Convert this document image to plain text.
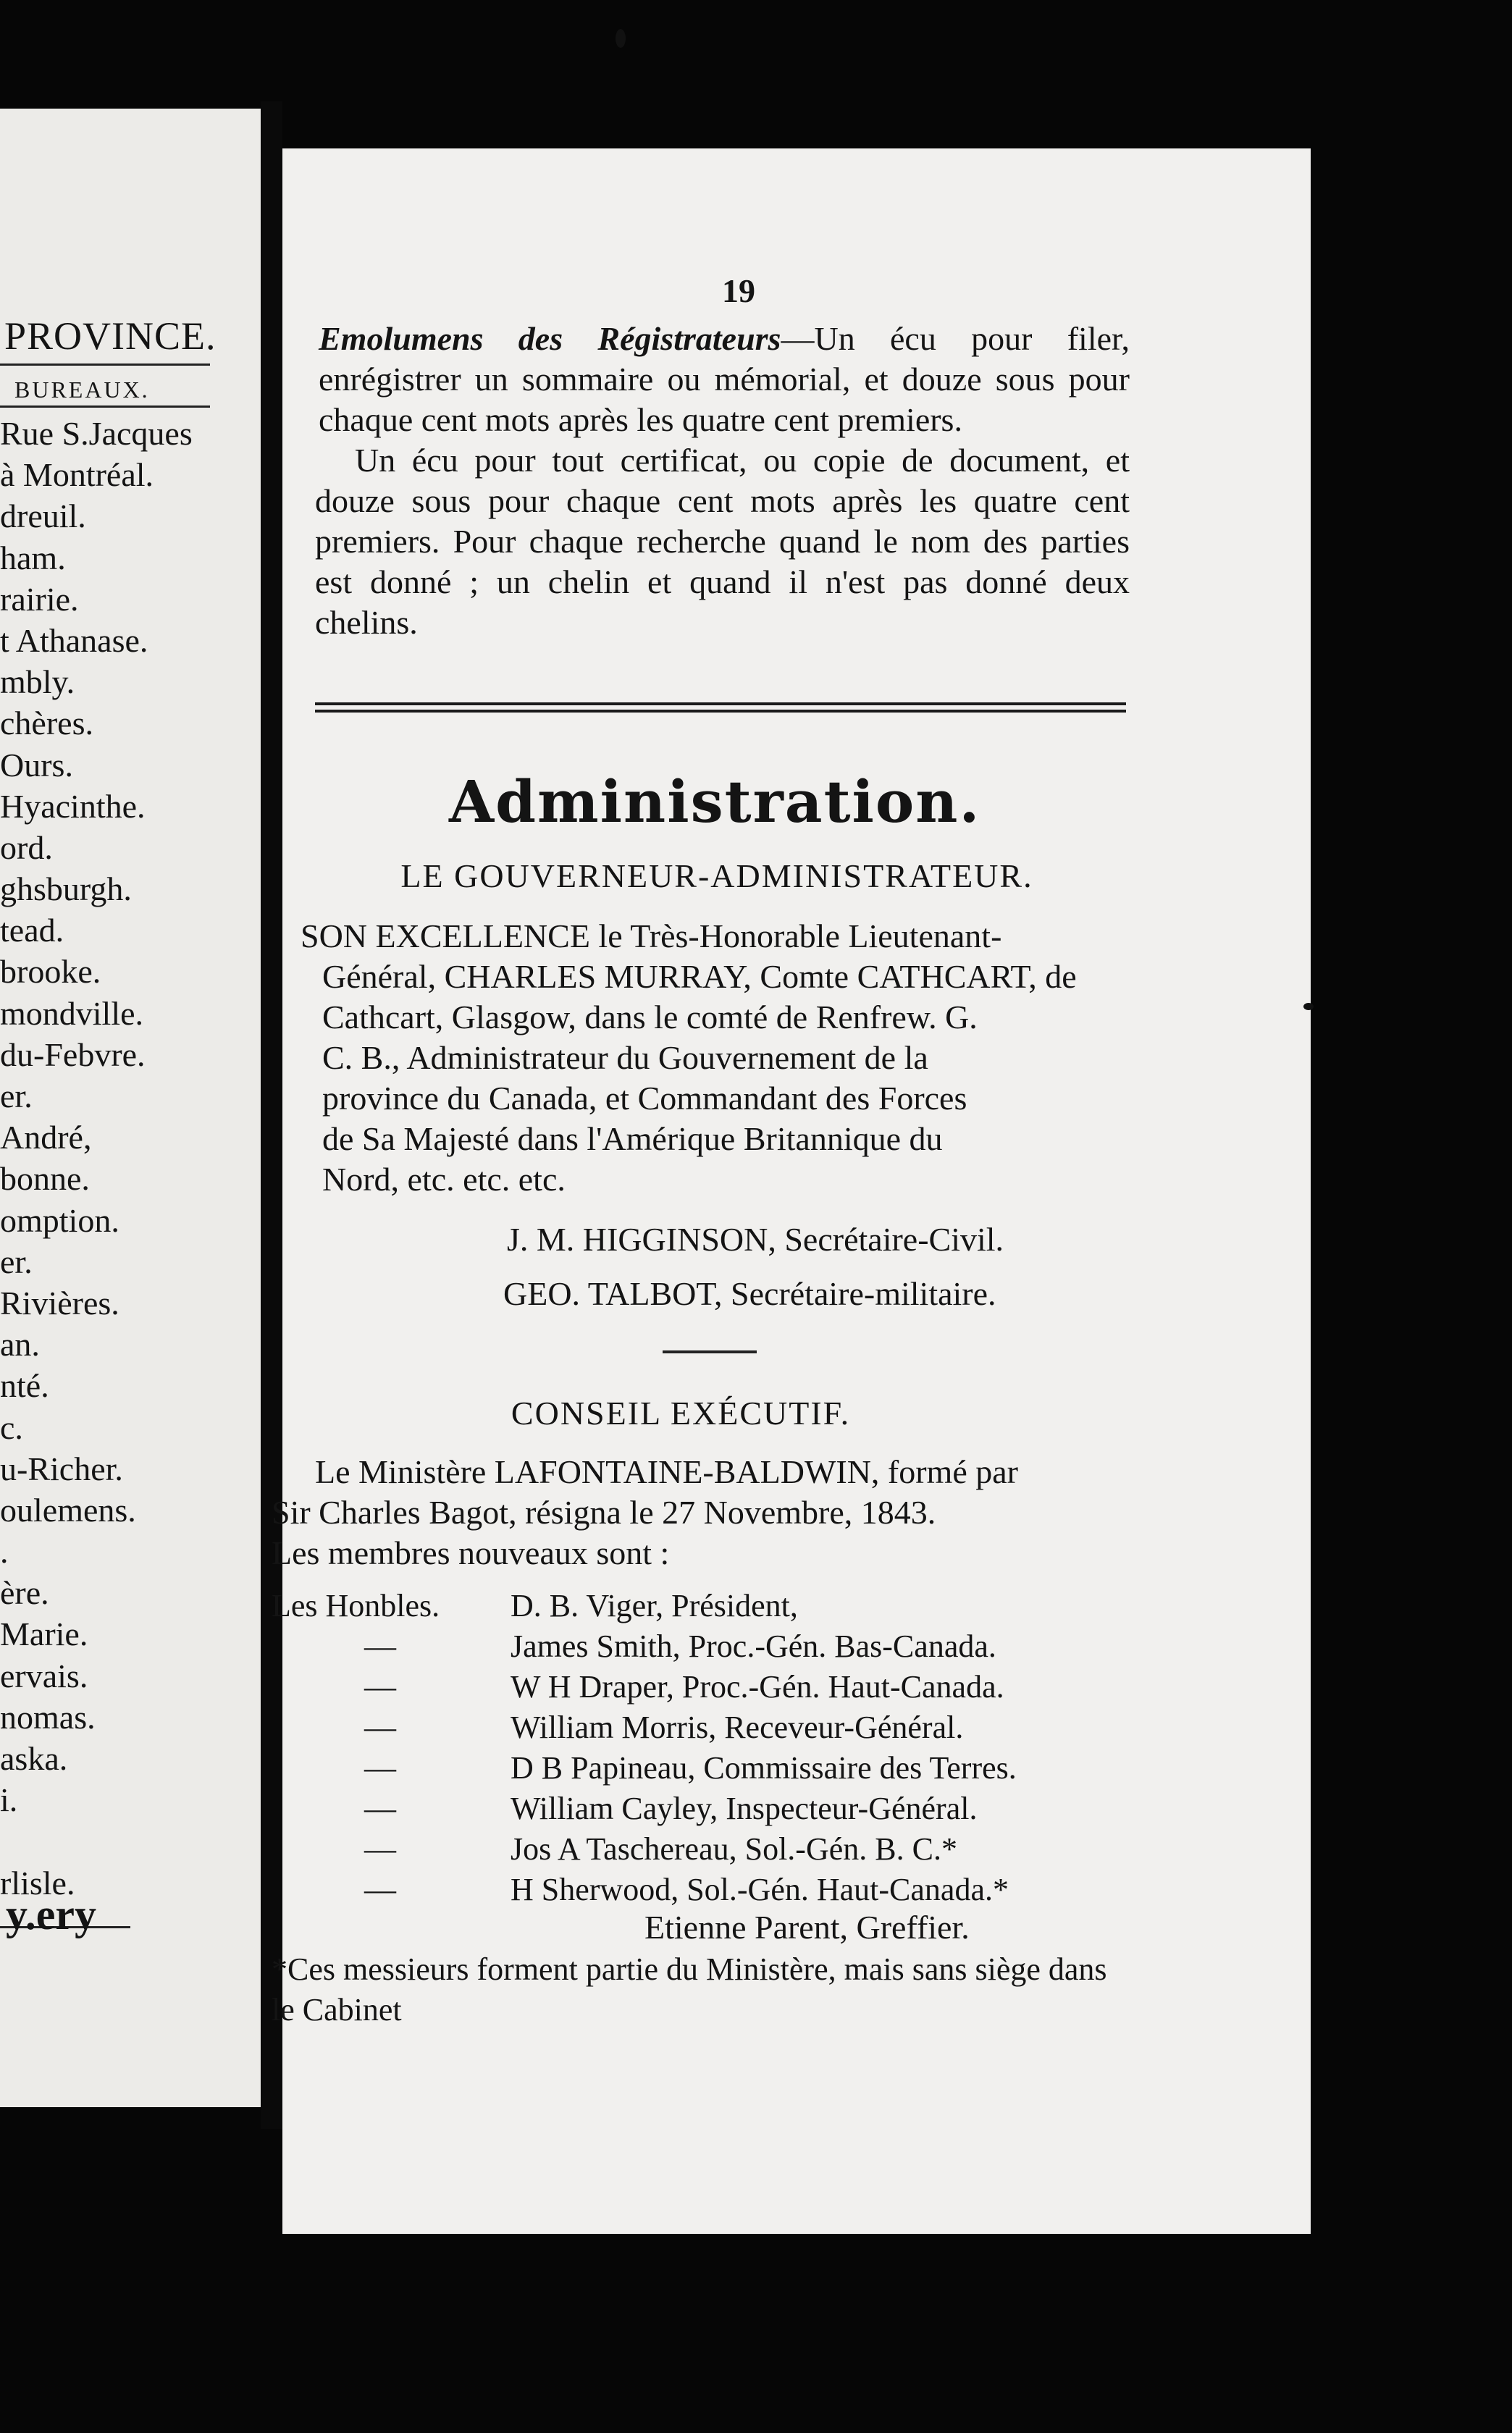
PROVINCE.
BUREAUX.
Rue S.Jacques
à Montréal.
dreuil.
ham.
rairie.
t Athanase.
mbly.
chères.
Ours.
Hyacinthe.
ord.
ghsburgh.
tead.
brooke.
mondville.
du-Febvre.
er.
André,
bonne.
omption.
er.
Rivières.
an.
nté.
c.
u-Richer.
oulemens.
.
ère.
Marie.
ervais.
nomas.
aska.
i.
rlisle.
y.ery
19
Emolumens des Régistrateurs—Un écu pour filer, enrégistrer un sommaire ou mémorial, et douze sous pour chaque cent mots après les quatre cent premiers.
Un écu pour tout certificat, ou copie de document, et douze sous pour chaque cent mots après les quatre cent premiers. Pour chaque recherche quand le nom des parties est donné ; un chelin et quand il n'est pas donné deux chelins.
Administration.
LE GOUVERNEUR-ADMINISTRATEUR.
SON EXCELLENCE le Très-Honorable Lieutenant-
Général, CHARLES MURRAY, Comte CATHCART, de
Cathcart, Glasgow, dans le comté de Renfrew. G.
C. B., Administrateur du Gouvernement de la
province du Canada, et Commandant des Forces
de Sa Majesté dans l'Amérique Britannique du
Nord, etc. etc. etc.
J. M. HIGGINSON, Secrétaire-Civil.
GEO. TALBOT, Secrétaire-militaire.
CONSEIL EXÉCUTIF.
Le Ministère LAFONTAINE-BALDWIN, formé par
Sir Charles Bagot, résigna le 27 Novembre, 1843.
Les membres nouveaux sont :
Les Honbles.	D. B. Viger, Président,
—	James Smith, Proc.-Gén. Bas-Canada.
—	W H Draper, Proc.-Gén. Haut-Canada.
—	William Morris, Receveur-Général.
—	D B Papineau, Commissaire des Terres.
—	William Cayley, Inspecteur-Général.
—	Jos A Taschereau, Sol.-Gén. B. C.*
—	H Sherwood, Sol.-Gén. Haut-Canada.*
Etienne Parent, Greffier.
*Ces messieurs forment partie du Ministère, mais sans siège dans le Cabinet
